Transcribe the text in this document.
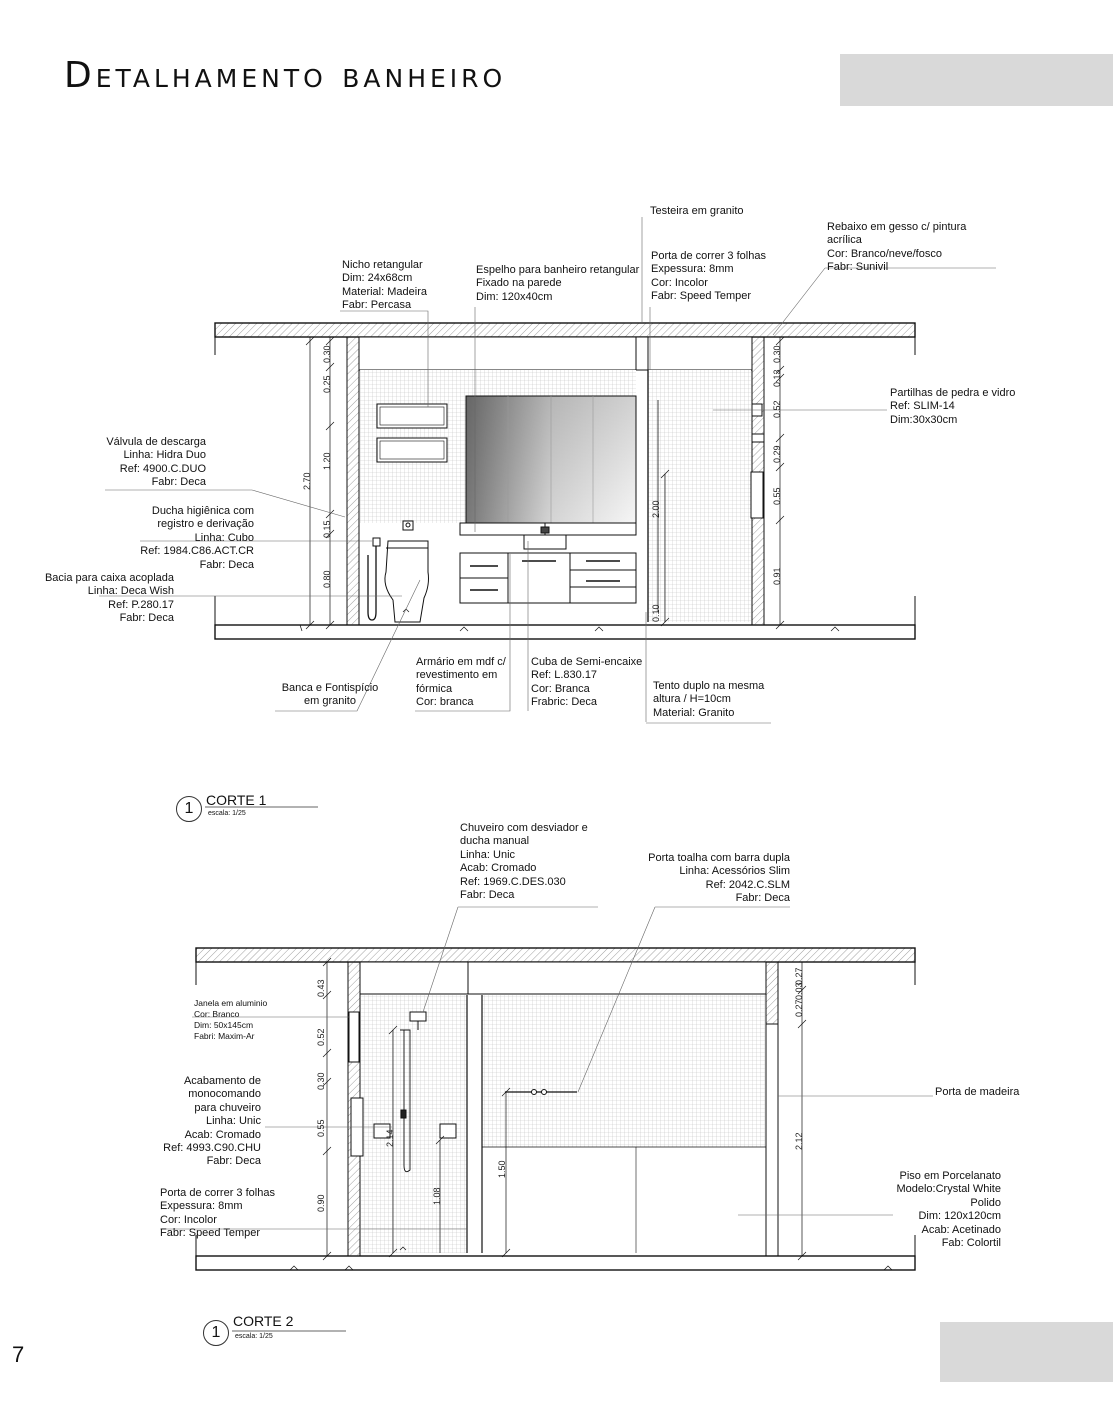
Detalhamento banheiro
7
0.30
0.25
1.20
2.70
0.15
0.80
0.30
0.13
0.52
0.29
0.55
0.91
2.00
0.10
Testeira em granito
Rebaixo em gesso c/ pintura
acrílica
Cor: Branco/neve/fosco
Fabr: Sunivil
Nicho retangular
Dim: 24x68cm
Material: Madeira
Fabr: Percasa
Espelho para banheiro retangular
Fixado na parede
Dim: 120x40cm
Porta de correr 3 folhas
Expessura: 8mm
Cor: Incolor
Fabr: Speed Temper
Partilhas de pedra e vidro
Ref: SLIM-14
Dim:30x30cm
Válvula de descarga
Linha: Hidra Duo
Ref: 4900.C.DUO
Fabr: Deca
Ducha higiênica com
registro e derivação
Linha: Cubo
Ref: 1984.C86.ACT.CR
Fabr: Deca
Bacia para caixa acoplada
Linha: Deca Wish
Ref: P.280.17
Fabr: Deca
Banca e Fontispício
em granito
Armário em mdf c/
revestimento em
fórmica
Cor: branca
Cuba de Semi-encaixe
Ref: L.830.17
Cor: Branca
Frabric: Deca
Tento duplo na mesma
altura / H=10cm
Material: Granito
1 CORTE 1
escala: 1/25
0.43
0.52
0.30
0.55
0.90
2.14
1.08
1.50
0.27
0.27
0.03
2.12
Chuveiro com desviador e
ducha manual
Linha: Unic
Acab: Cromado
Ref: 1969.C.DES.030
Fabr: Deca
Porta toalha com barra dupla
Linha: Acessórios Slim
Ref: 2042.C.SLM
Fabr: Deca
Janela em aluminio
Cor: Branco
Dim: 50x145cm
Fabri: Maxim-Ar
Acabamento de
monocomando
para chuveiro
Linha: Unic
Acab: Cromado
Ref: 4993.C90.CHU
Fabr: Deca
Porta de correr 3 folhas
Expessura: 8mm
Cor: Incolor
Fabr: Speed Temper
Porta de madeira
Piso em Porcelanato
Modelo:Crystal White
Polido
Dim: 120x120cm
Acab: Acetinado
Fab: Colortil
1
CORTE 2
escala: 1/25
